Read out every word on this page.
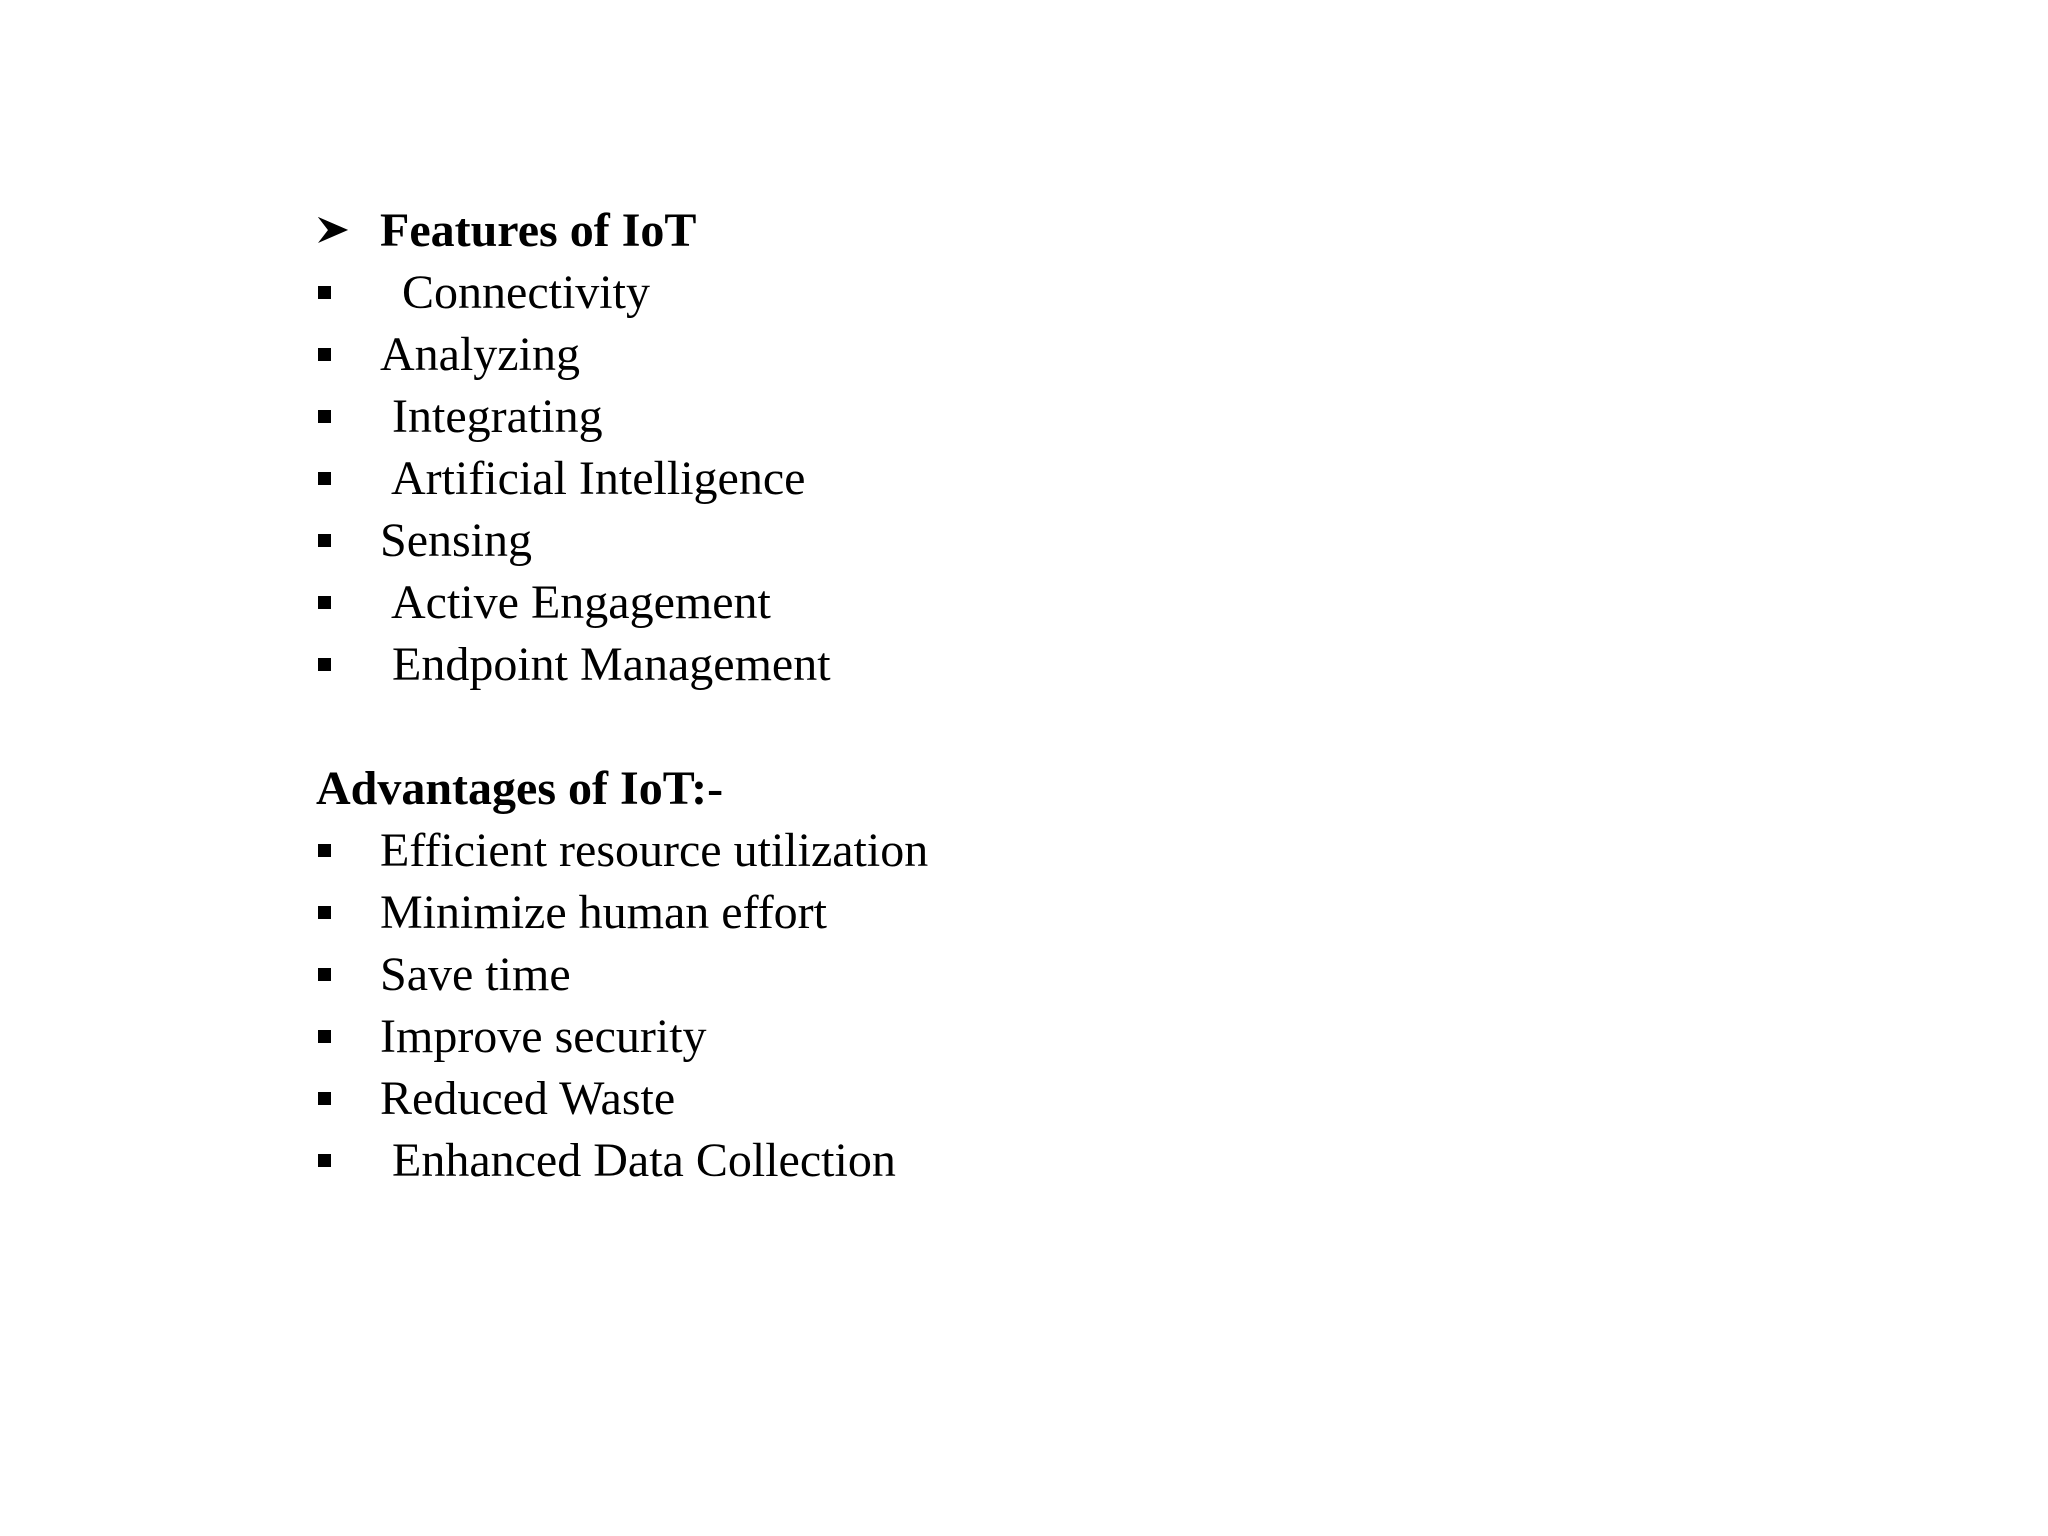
Features of IoT

Connectivity

Analyzing

Integrating

Artificial Intelligence

Sensing

Active Engagement

Endpoint Management

Advantages of IoT:-

Efficient resource utilization

Minimize human effort

Save time

Improve security

Reduced Waste

Enhanced Data Collection
